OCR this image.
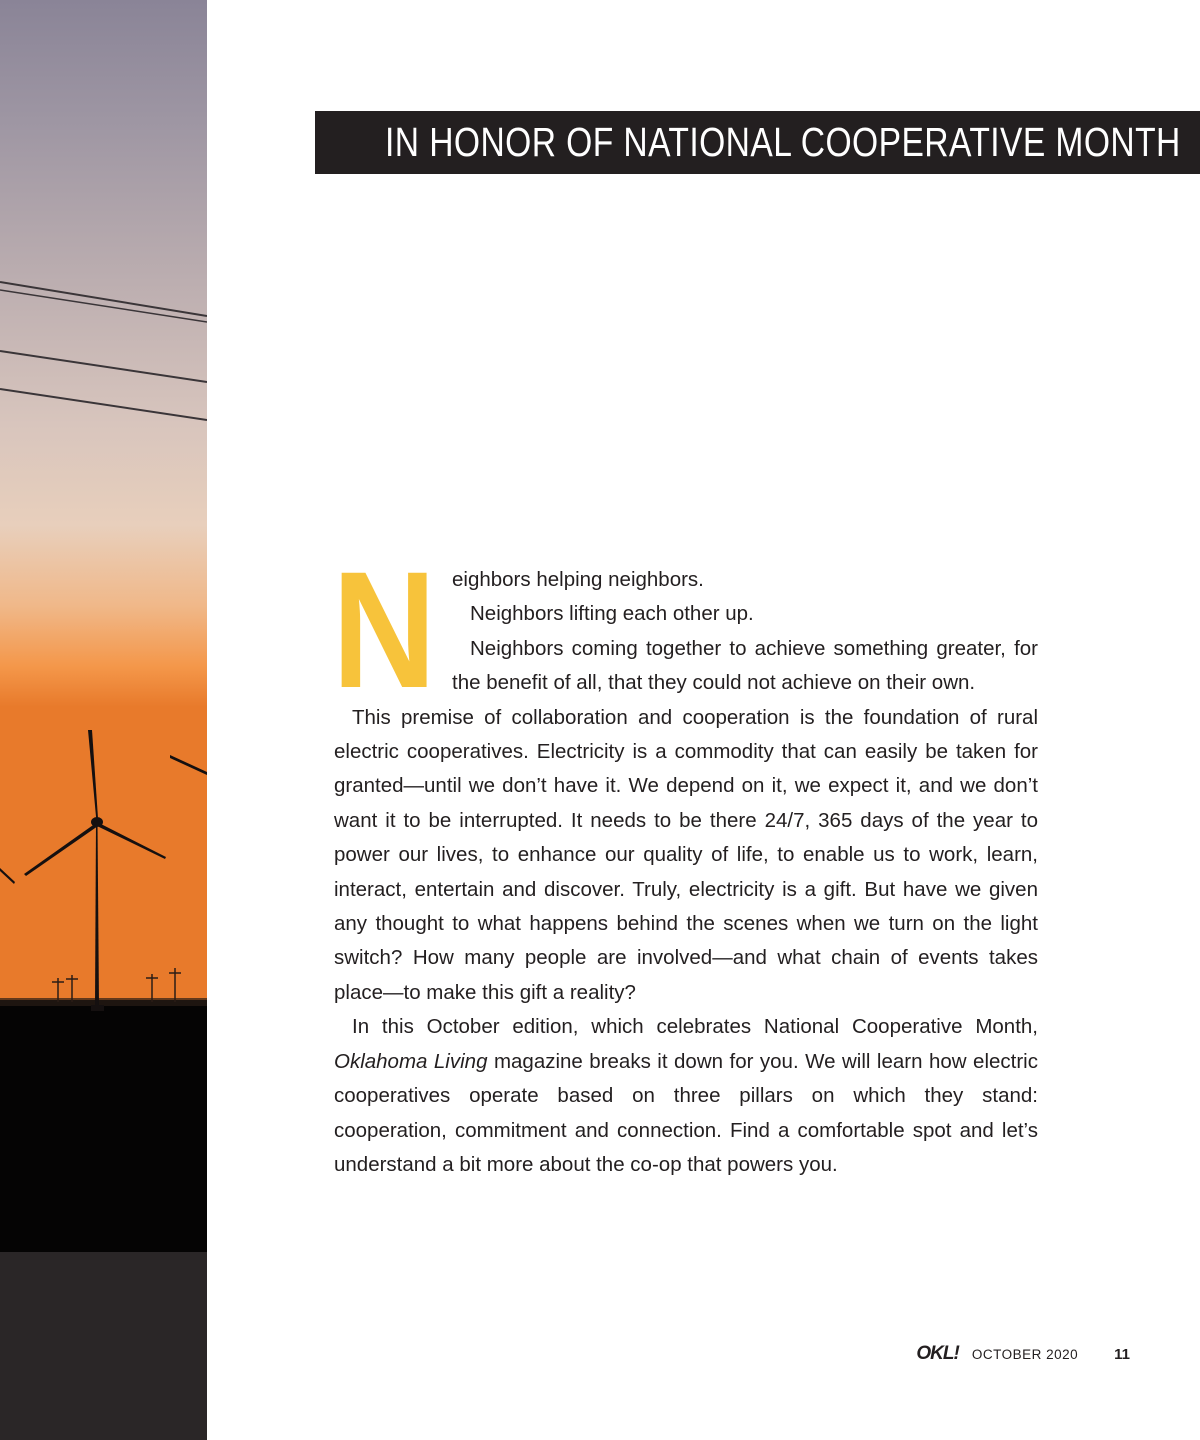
IN HONOR OF NATIONAL COOPERATIVE MONTH
N eighbors helping neighbors.

Neighbors lifting each other up.

Neighbors coming together to achieve something greater, for the benefit of all, that they could not achieve on their own.

This premise of collaboration and cooperation is the foundation of rural electric cooperatives. Electricity is a commodity that can easily be taken for granted—until we don’t have it. We depend on it, we expect it, and we don’t want it to be interrupted. It needs to be there 24/7, 365 days of the year to power our lives, to enhance our quality of life, to enable us to work, learn, interact, entertain and discover. Truly, electricity is a gift. But have we given any thought to what happens behind the scenes when we turn on the light switch? How many people are involved—and what chain of events takes place—to make this gift a reality?

In this October edition, which celebrates National Cooperative Month, Oklahoma Living magazine breaks it down for you. We will learn how electric cooperatives operate based on three pillars on which they stand: cooperation, commitment and connection. Find a comfortable spot and let’s understand a bit more about the co-op that powers you.

OKL! OCTOBER 2020 11
